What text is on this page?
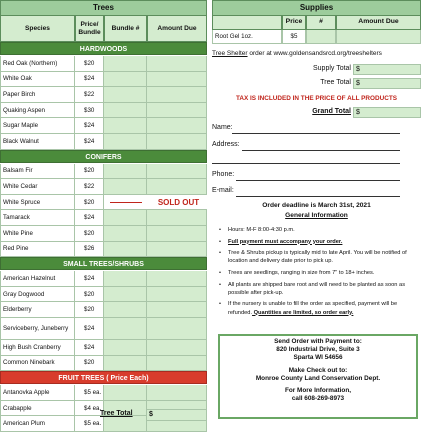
Trees
Species
Price/ Bundle
Bundle #	Amount Due
HARDWOODS
Red Oak (Northern)	$20
White Oak	$24
Paper Birch	$22
Quaking Aspen	$30
Sugar Maple	$24
Black Walnut	$24
CONIFERS
Balsam Fir	$20
White Cedar	$22
White Spruce	$20	SOLD OUT
Tamarack	$24
White Pine	$20
Red Pine	$26
SMALL TREES/SHRUBS
American Hazelnut	$24
Gray Dogwood	$20
Elderberry	$20
Serviceberry, Juneberry	$24
High Bush Cranberry	$24
Common Ninebark	$20
FRUIT TREES ( Price Each)
Antanovka Apple	$5 ea.
Crabapple	$4 ea.
American Plum	$5 ea.
Tree Total	$
Supplies
Price	#	Amount Due
Root Gel 1oz.	$5
Tree Shelter order at www.goldensandsrcd.org/treeshelters
Supply Total $
Tree Total $
TAX IS INCLUDED IN THE PRICE OF ALL PRODUCTS
Grand Total $
Name:
Address:
Phone:
E-mail:
Order deadline is March 31st, 2021
General Information
• Hours: M-F 8:00-4:30 p.m.
• Full payment must accompany your order.
• Tree & Shrubs pickup is typically mid to late April. You will be notified of location and delivery date prior to pick up.
• Trees are seedlings, ranging in size from 7" to 18+ inches.
• All plants are shipped bare root and will need to be planted as soon as possible after pick-up.
• If the nursery is unable to fill the order as specified, payment will be refunded. Quantities are limited, so order early.
Send Order with Payment to:
820 Industrial Drive, Suite 3
Sparta WI 54656
Make Check out to:
Monroe County Land Conservation Dept.
For More Information,
call 608-269-8973
